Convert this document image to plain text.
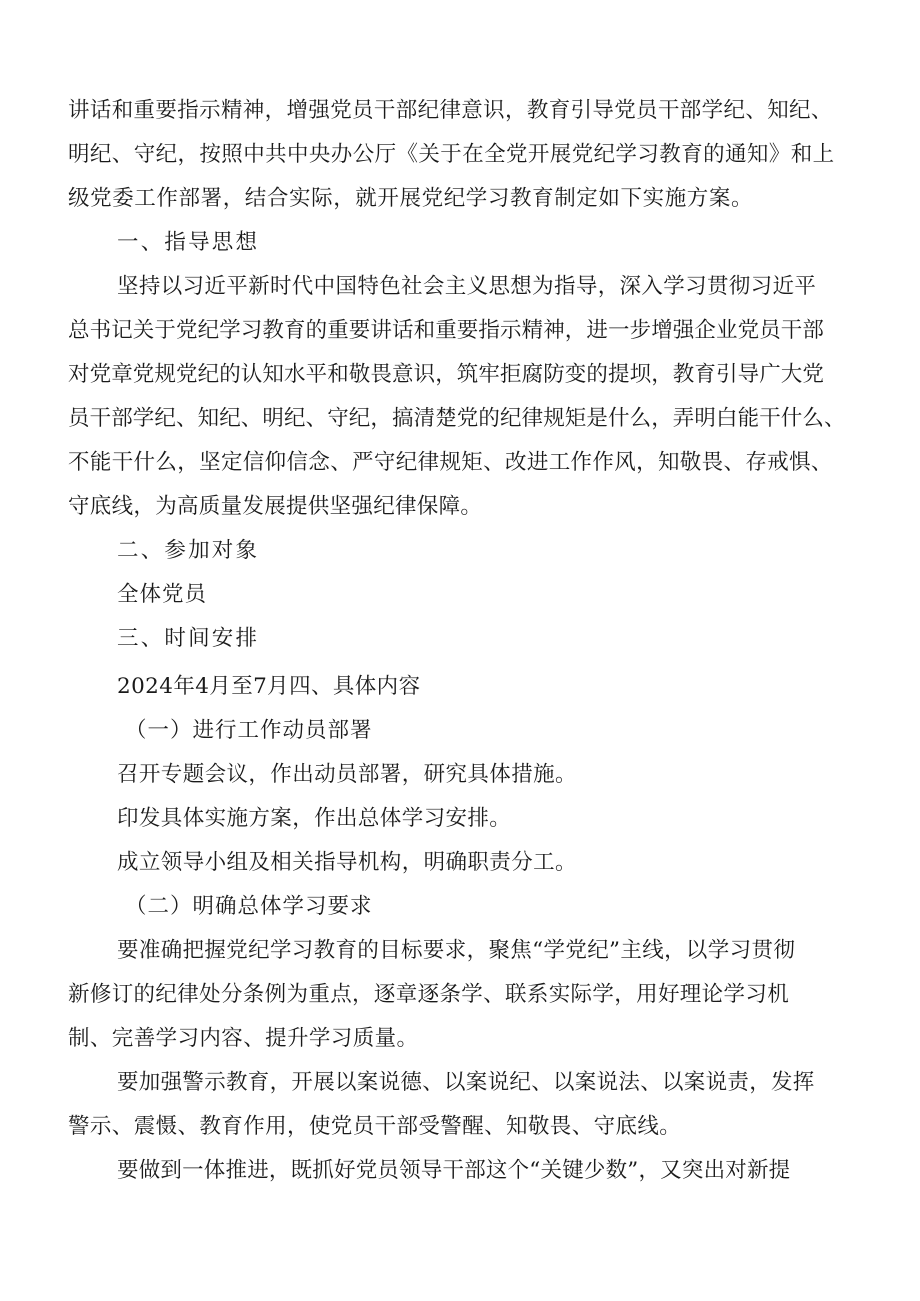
讲话和重要指示精神，增强党员干部纪律意识，教育引导党员干部学纪、知纪、
明纪、守纪，按照中共中央办公厅《关于在全党开展党纪学习教育的通知》和上
级党委工作部署，结合实际，就开展党纪学习教育制定如下实施方案。
一、指导思想
坚持以习近平新时代中国特色社会主义思想为指导，深入学习贯彻习近平
总书记关于党纪学习教育的重要讲话和重要指示精神，进一步增强企业党员干部
对党章党规党纪的认知水平和敬畏意识，筑牢拒腐防变的提坝，教育引导广大党
员干部学纪、知纪、明纪、守纪，搞清楚党的纪律规矩是什么，弄明白能干什么、
不能干什么，坚定信仰信念、严守纪律规矩、改进工作作风，知敬畏、存戒惧、
守底线，为高质量发展提供坚强纪律保障。
二、参加对象
全体党员
三、时间安排
2024年4月至7月四、具体内容
（一）进行工作动员部署
召开专题会议，作出动员部署，研究具体措施。
印发具体实施方案，作出总体学习安排。
成立领导小组及相关指导机构，明确职责分工。
（二）明确总体学习要求
要准确把握党纪学习教育的目标要求，聚焦“学党纪”主线，以学习贯彻
新修订的纪律处分条例为重点，逐章逐条学、联系实际学，用好理论学习机
制、完善学习内容、提升学习质量。
要加强警示教育，开展以案说德、以案说纪、以案说法、以案说责，发挥
警示、震慑、教育作用，使党员干部受警醒、知敬畏、守底线。
要做到一体推进，既抓好党员领导干部这个“关键少数”，又突出对新提
